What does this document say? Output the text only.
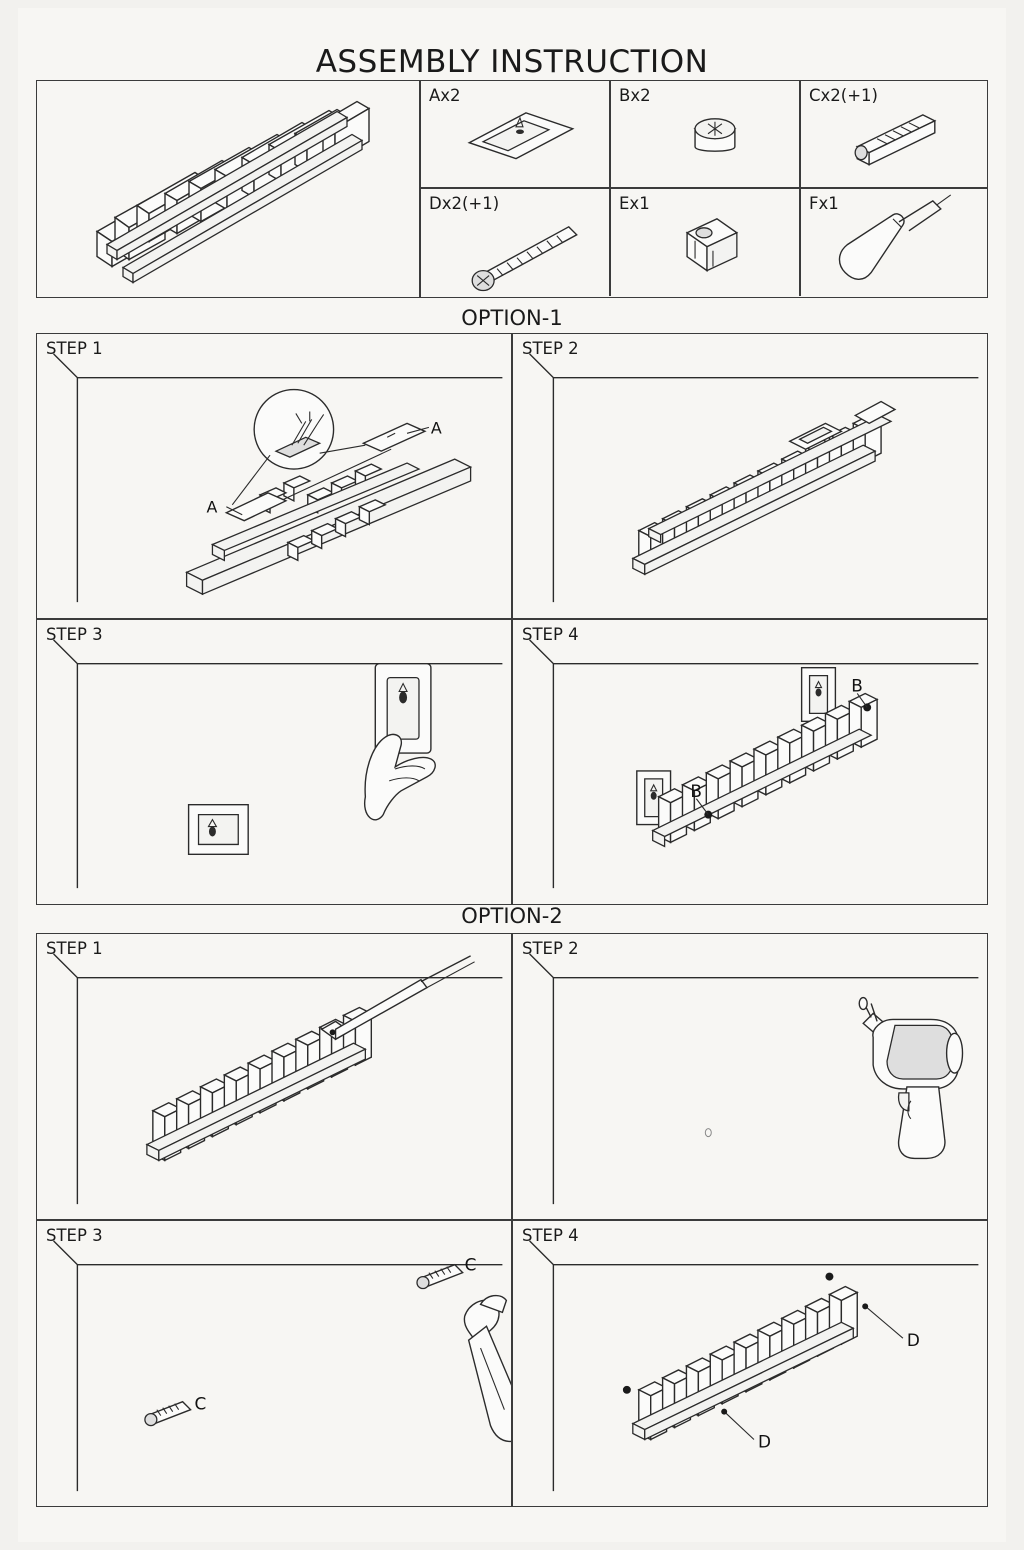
ASSEMBLY INSTRUCTION
Ax2	Bx2	Cx2(+1)
Dx2(+1)	Ex1	Fx1
OPTION-1
STEP 1
A
A
STEP 2
STEP 3	STEP 4
B
B
OPTION-2
STEP 1	STEP 2
STEP 3
C
C
STEP 4
D
D
